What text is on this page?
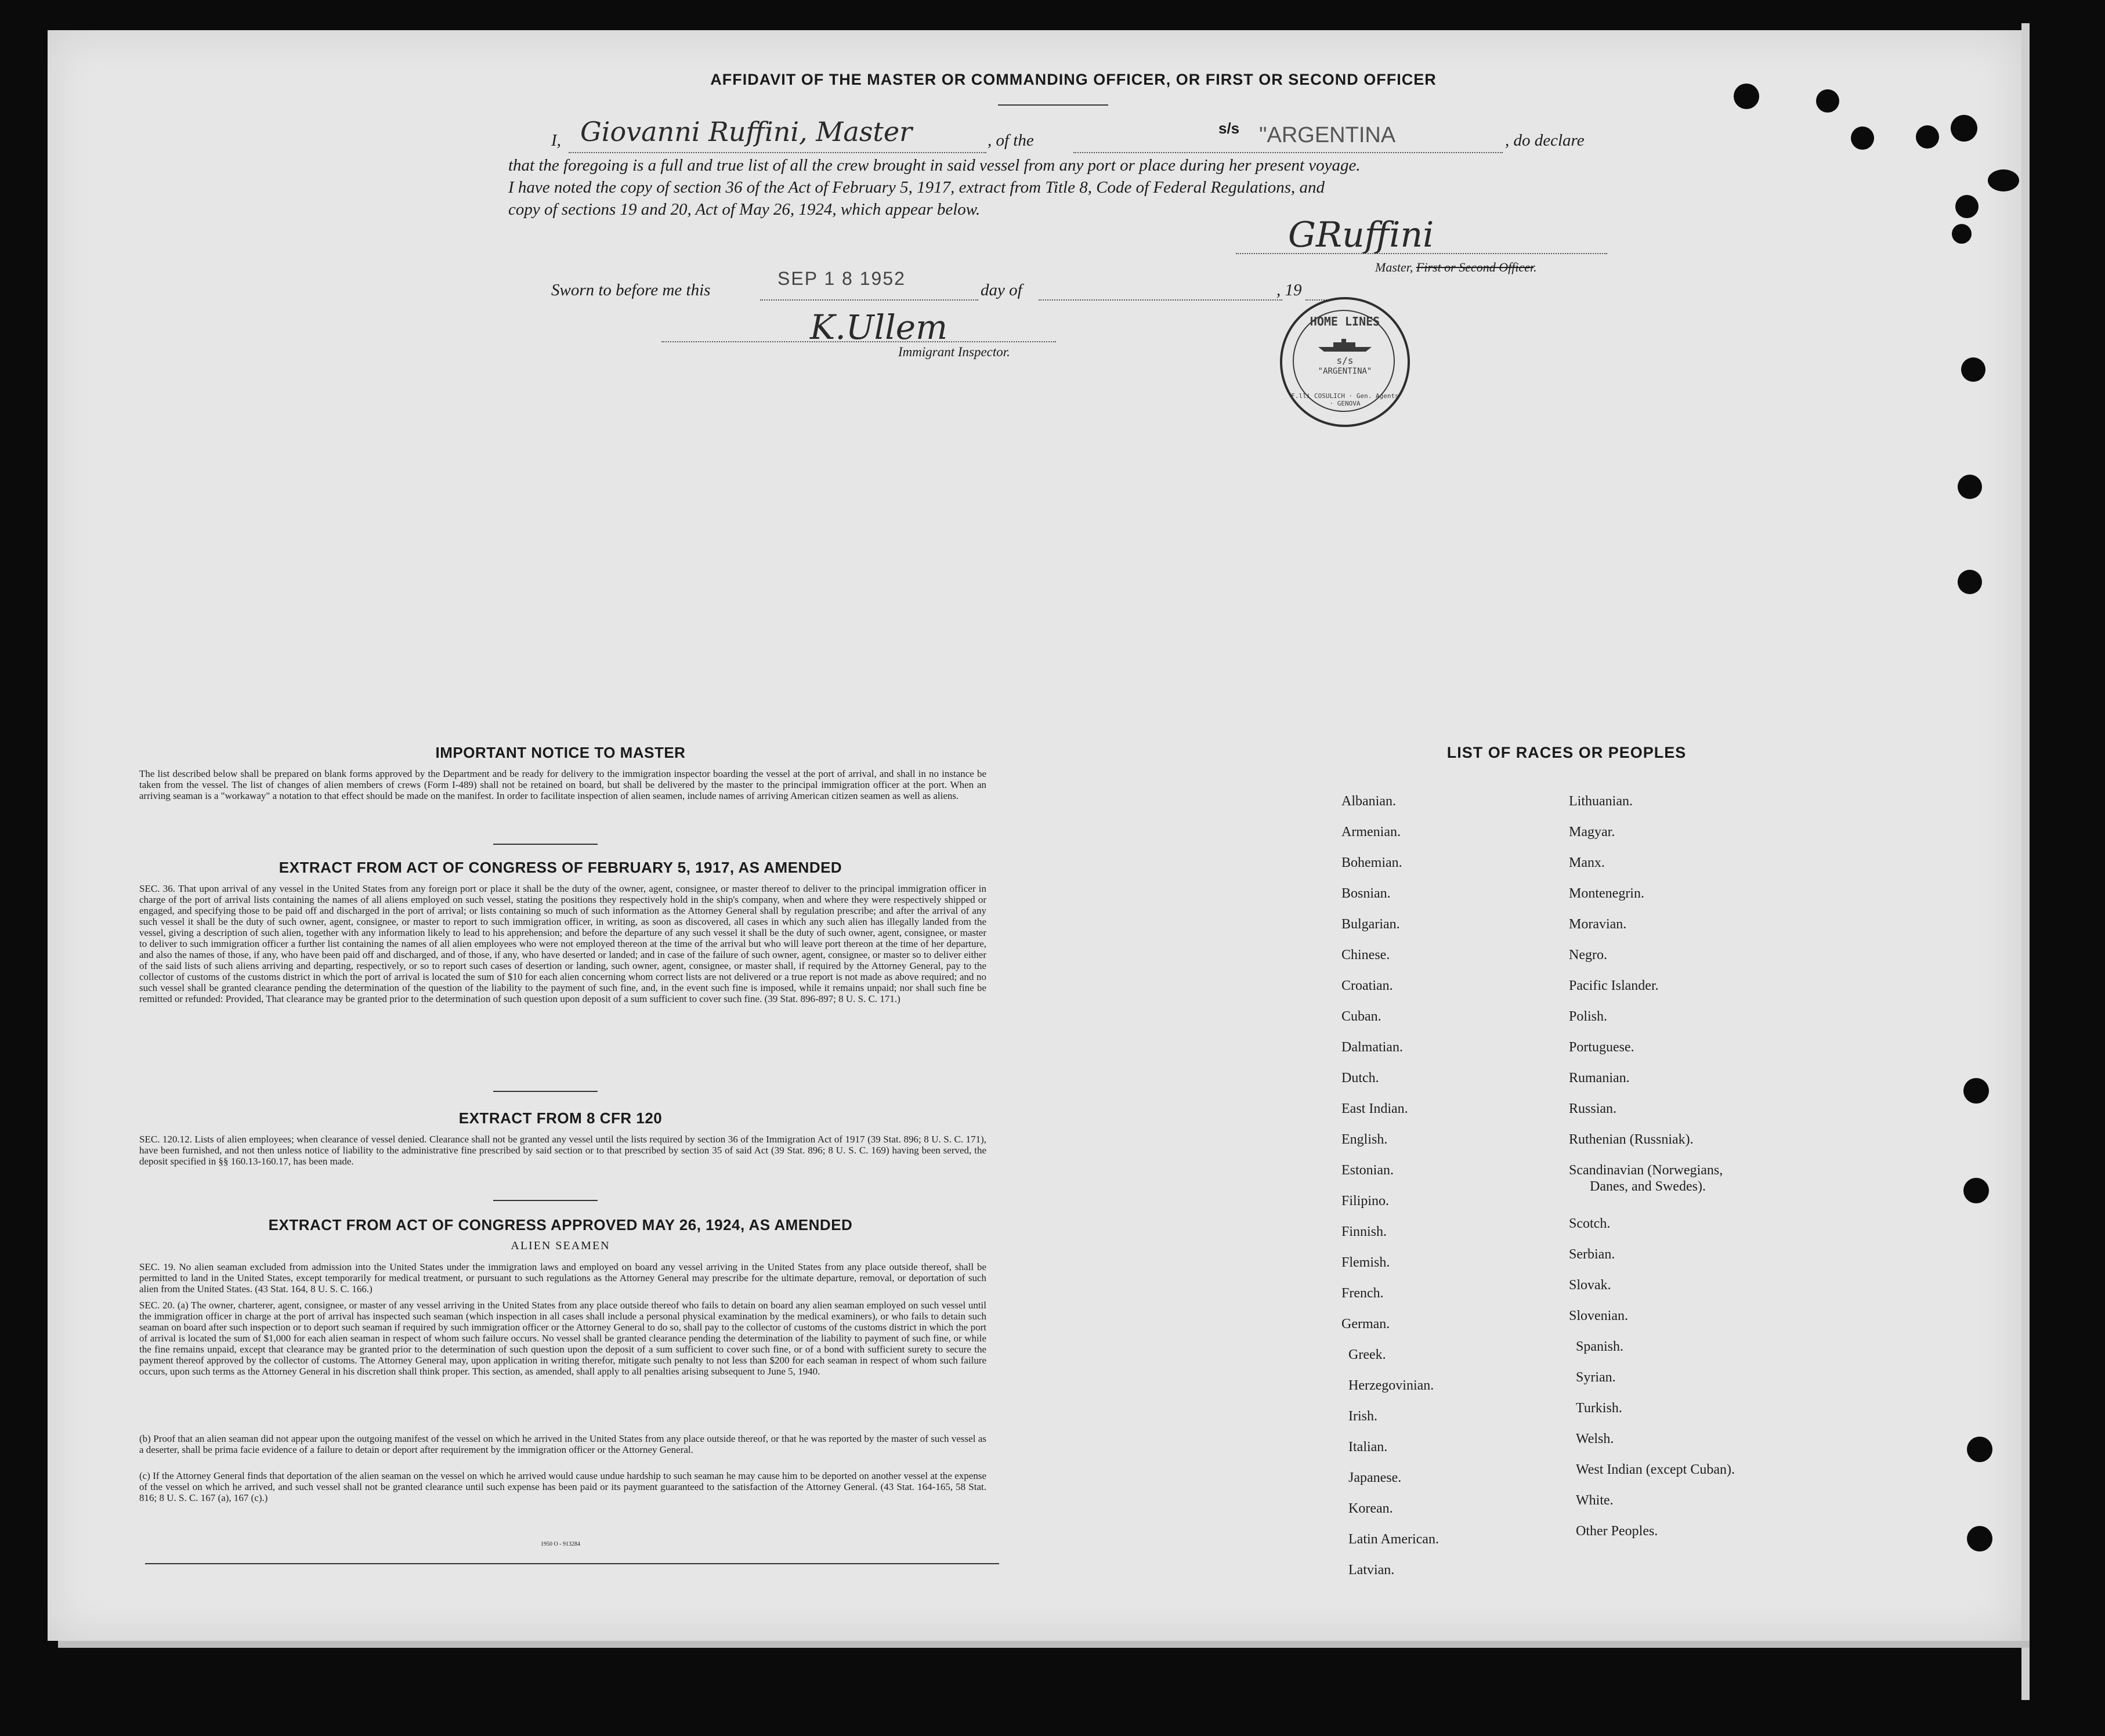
AFFIDAVIT OF THE MASTER OR COMMANDING OFFICER, OR FIRST OR SECOND OFFICER
I, Giovanni Ruffini, Master	, of the
s/s "ARGENTINA	, do declare
that the foregoing is a full and true list of all the crew brought in said vessel from any port or place during her present voyage.
I have noted the copy of section 36 of the Act of February 5, 1917, extract from Title 8, Code of Federal Regulations, and
copy of sections 19 and 20, Act of May 26, 1924, which appear below.
GRuffini
Master, First or Second Officer.
Sworn to before me this
SEP 1 8 1952
day of	, 19
K.Ullem
Immigrant Inspector.
HOME LINES
s/s
"ARGENTINA"
F.lli COSULICH · Gen. Agents · GENOVA
IMPORTANT NOTICE TO MASTER
The list described below shall be prepared on blank forms approved by the Department and be ready for delivery to the immigration inspector boarding the vessel at the port of arrival, and shall in no instance be taken from the vessel. The list of changes of alien members of crews (Form I-489) shall not be retained on board, but shall be delivered by the master to the principal immigration officer at the port. When an arriving seaman is a "workaway" a notation to that effect should be made on the manifest. In order to facilitate inspection of alien seamen, include names of arriving American citizen seamen as well as aliens.
EXTRACT FROM ACT OF CONGRESS OF FEBRUARY 5, 1917, AS AMENDED
SEC. 36. That upon arrival of any vessel in the United States from any foreign port or place it shall be the duty of the owner, agent, consignee, or master thereof to deliver to the principal immigration officer in charge of the port of arrival lists containing the names of all aliens employed on such vessel, stating the positions they respectively hold in the ship's company, when and where they were respectively shipped or engaged, and specifying those to be paid off and discharged in the port of arrival; or lists containing so much of such information as the Attorney General shall by regulation prescribe; and after the arrival of any such vessel it shall be the duty of such owner, agent, consignee, or master to report to such immigration officer, in writing, as soon as discovered, all cases in which any such alien has illegally landed from the vessel, giving a description of such alien, together with any information likely to lead to his apprehension; and before the departure of any such vessel it shall be the duty of such owner, agent, consignee, or master to deliver to such immigration officer a further list containing the names of all alien employees who were not employed thereon at the time of the arrival but who will leave port thereon at the time of her departure, and also the names of those, if any, who have been paid off and discharged, and of those, if any, who have deserted or landed; and in case of the failure of such owner, agent, consignee, or master so to deliver either of the said lists of such aliens arriving and departing, respectively, or so to report such cases of desertion or landing, such owner, agent, consignee, or master shall, if required by the Attorney General, pay to the collector of customs of the customs district in which the port of arrival is located the sum of $10 for each alien concerning whom correct lists are not delivered or a true report is not made as above required; and no such vessel shall be granted clearance pending the determination of the question of the liability to the payment of such fine, and, in the event such fine is imposed, while it remains unpaid; nor shall such fine be remitted or refunded: Provided, That clearance may be granted prior to the determination of such question upon deposit of a sum sufficient to cover such fine. (39 Stat. 896-897; 8 U. S. C. 171.)
EXTRACT FROM 8 CFR 120
SEC. 120.12. Lists of alien employees; when clearance of vessel denied. Clearance shall not be granted any vessel until the lists required by section 36 of the Immigration Act of 1917 (39 Stat. 896; 8 U. S. C. 171), have been furnished, and not then unless notice of liability to the administrative fine prescribed by said section or to that prescribed by section 35 of said Act (39 Stat. 896; 8 U. S. C. 169) having been served, the deposit specified in §§ 160.13-160.17, has been made.
EXTRACT FROM ACT OF CONGRESS APPROVED MAY 26, 1924, AS AMENDED
ALIEN SEAMEN
SEC. 19. No alien seaman excluded from admission into the United States under the immigration laws and employed on board any vessel arriving in the United States from any place outside thereof, shall be permitted to land in the United States, except temporarily for medical treatment, or pursuant to such regulations as the Attorney General may prescribe for the ultimate departure, removal, or deportation of such alien from the United States. (43 Stat. 164, 8 U. S. C. 166.)
SEC. 20. (a) The owner, charterer, agent, consignee, or master of any vessel arriving in the United States from any place outside thereof who fails to detain on board any alien seaman employed on such vessel until the immigration officer in charge at the port of arrival has inspected such seaman (which inspection in all cases shall include a personal physical examination by the medical examiners), or who fails to detain such seaman on board after such inspection or to deport such seaman if required by such immigration officer or the Attorney General to do so, shall pay to the collector of customs of the customs district in which the port of arrival is located the sum of $1,000 for each alien seaman in respect of whom such failure occurs. No vessel shall be granted clearance pending the determination of the liability to payment of such fine, or while the fine remains unpaid, except that clearance may be granted prior to the determination of such question upon the deposit of a sum sufficient to cover such fine, or of a bond with sufficient surety to secure the payment thereof approved by the collector of customs. The Attorney General may, upon application in writing therefor, mitigate such penalty to not less than $200 for each seaman in respect of whom such failure occurs, upon such terms as the Attorney General in his discretion shall think proper. This section, as amended, shall apply to all penalties arising subsequent to June 5, 1940.
(b) Proof that an alien seaman did not appear upon the outgoing manifest of the vessel on which he arrived in the United States from any place outside thereof, or that he was reported by the master of such vessel as a deserter, shall be prima facie evidence of a failure to detain or deport after requirement by the immigration officer or the Attorney General.
(c) If the Attorney General finds that deportation of the alien seaman on the vessel on which he arrived would cause undue hardship to such seaman he may cause him to be deported on another vessel at the expense of the vessel on which he arrived, and such vessel shall not be granted clearance until such expense has been paid or its payment guaranteed to the satisfaction of the Attorney General. (43 Stat. 164-165, 58 Stat. 816; 8 U. S. C. 167 (a), 167 (c).)
1950 O - 913284
LIST OF RACES OR PEOPLES
Albanian.
Armenian.
Bohemian.
Bosnian.
Bulgarian.
Chinese.
Croatian.
Cuban.
Dalmatian.
Dutch.
East Indian.
English.
Estonian.
Filipino.
Finnish.
Flemish.
French.
German.
Greek.
Herzegovinian.
Irish.
Italian.
Japanese.
Korean.
Latin American.
Latvian.
Lithuanian.
Magyar.
Manx.
Montenegrin.
Moravian.
Negro.
Pacific Islander.
Polish.
Portuguese.
Rumanian.
Russian.
Ruthenian (Russniak).
Scandinavian (Norwegians,
Danes, and Swedes).
Scotch.
Serbian.
Slovak.
Slovenian.
Spanish.
Syrian.
Turkish.
Welsh.
West Indian (except Cuban).
White.
Other Peoples.
